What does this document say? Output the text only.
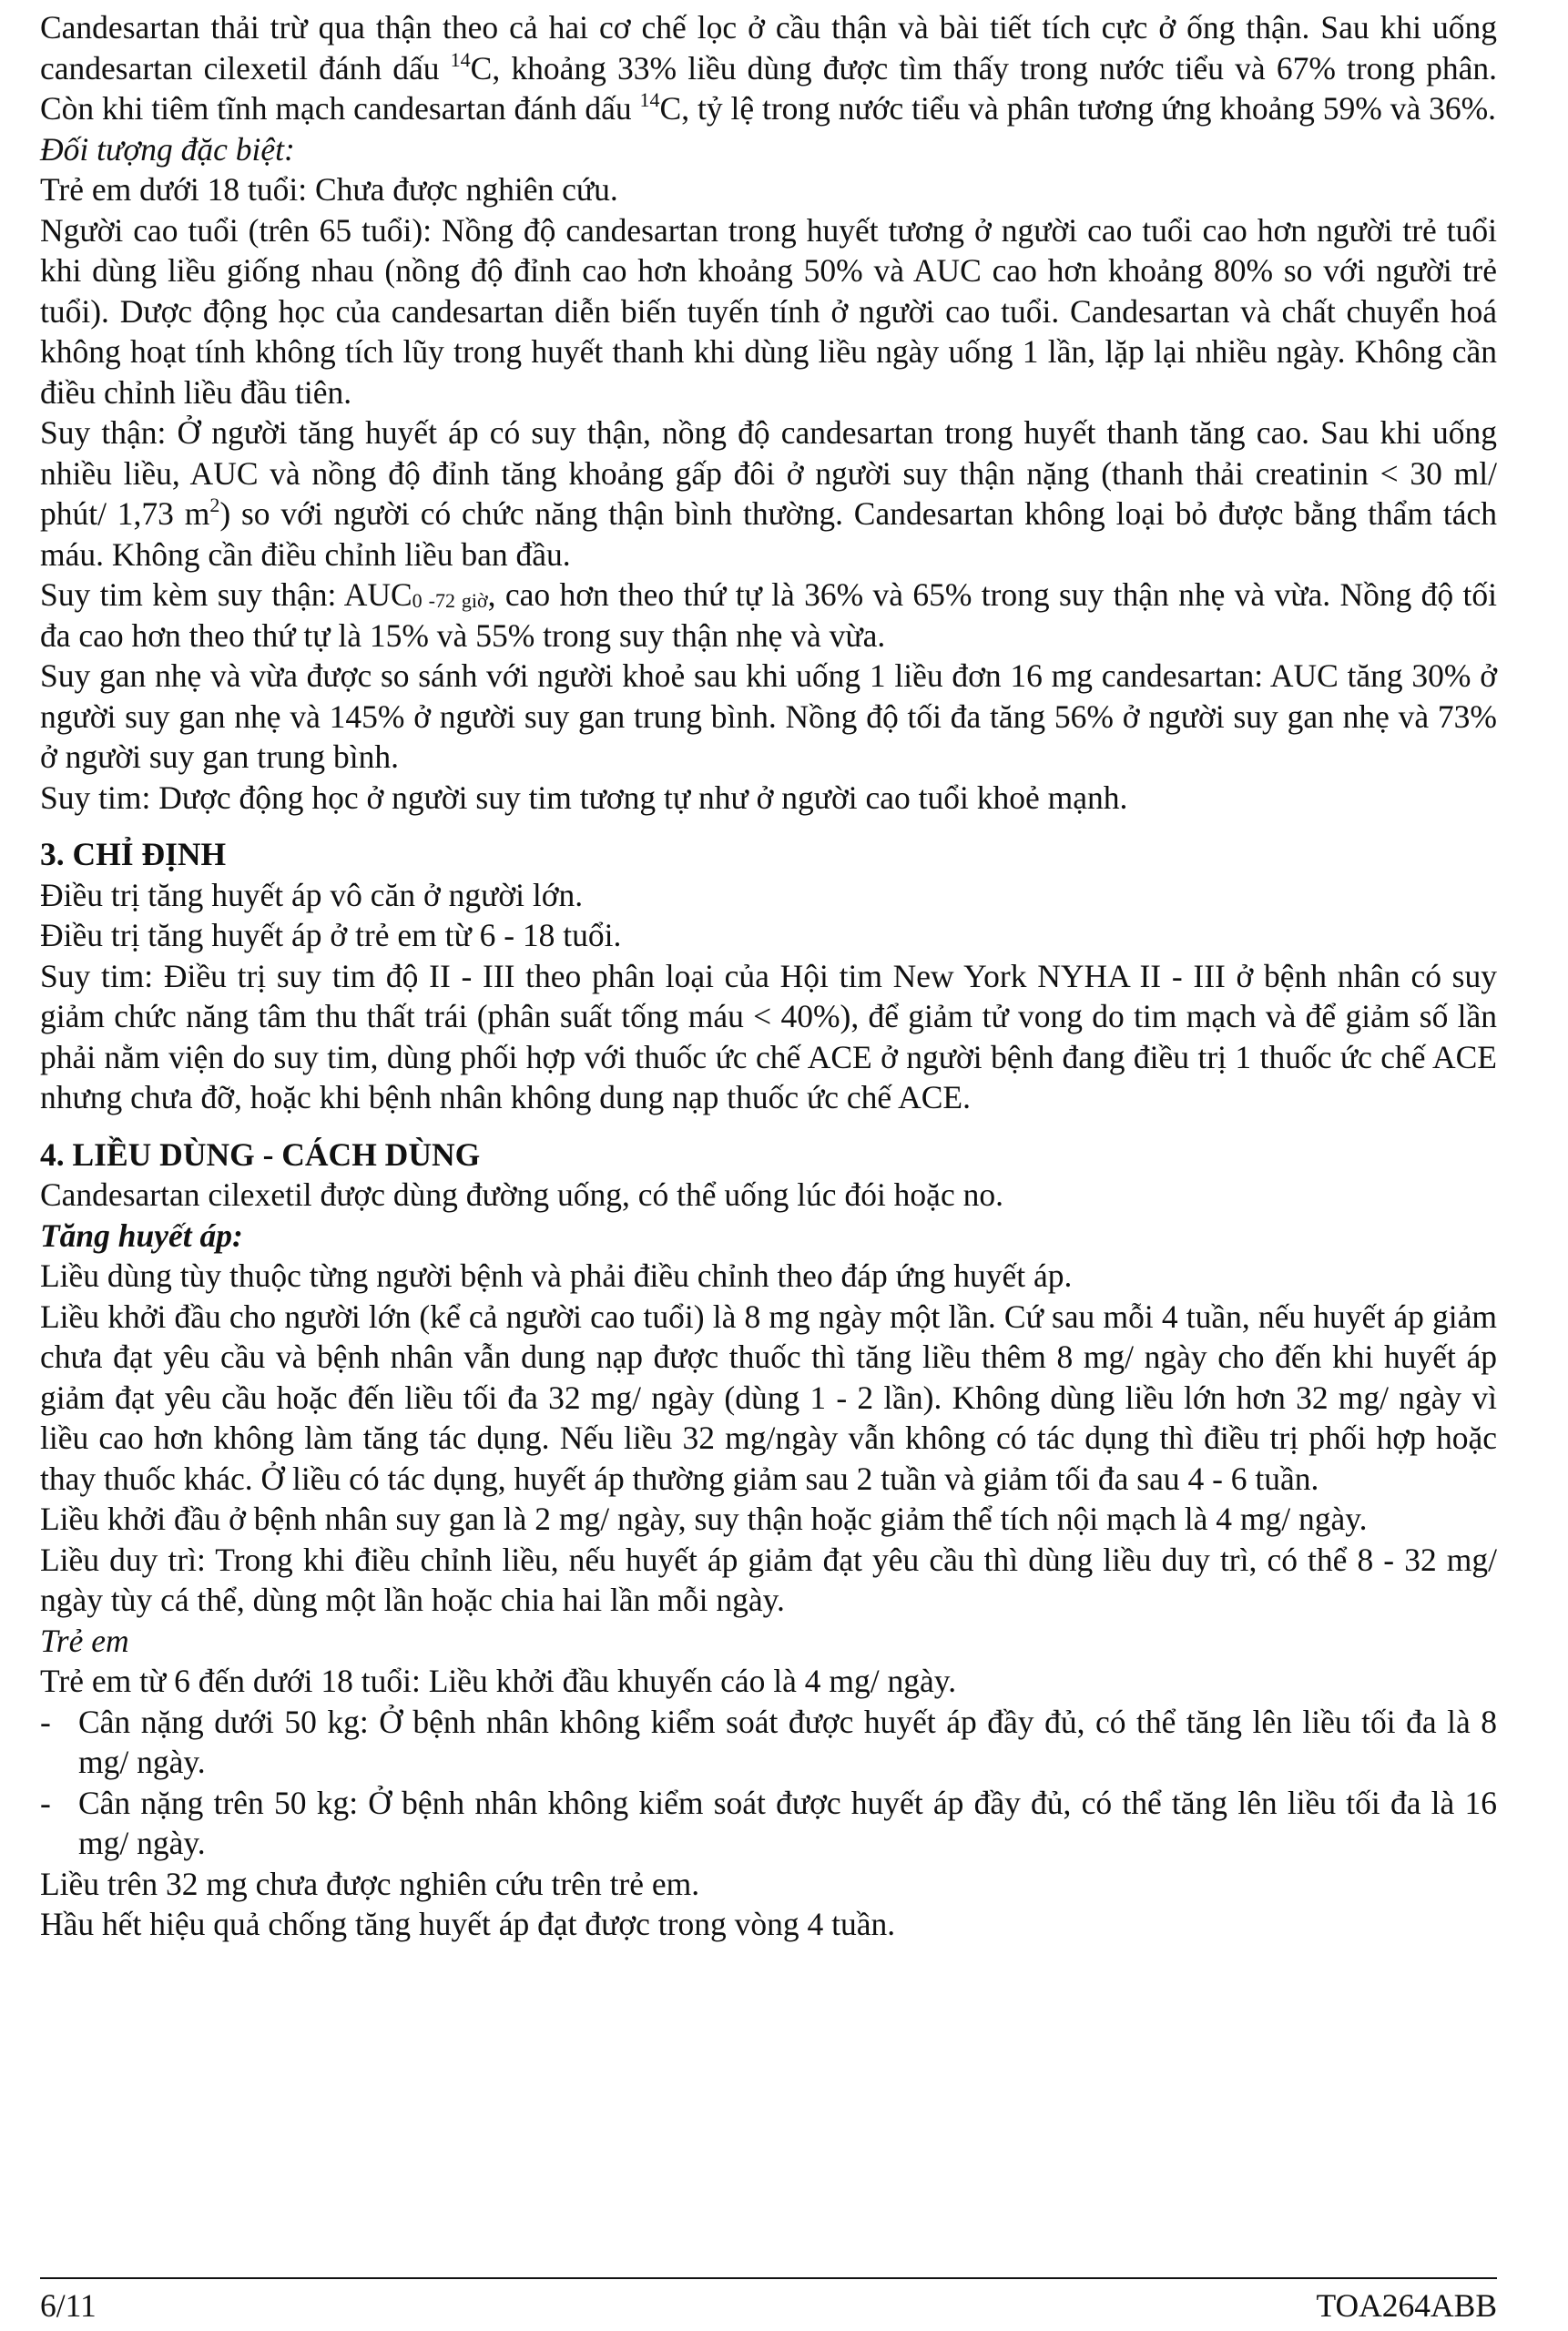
Candesartan thải trừ qua thận theo cả hai cơ chế lọc ở cầu thận và bài tiết tích cực ở ống thận. Sau khi uống candesartan cilexetil đánh dấu $^{14}$C, khoảng 33% liều dùng được tìm thấy trong nước tiểu và 67% trong phân. Còn khi tiêm tĩnh mạch candesartan đánh dấu $^{14}$C, tỷ lệ trong nước tiểu và phân tương ứng khoảng 59% và 36%.

Đối tượng đặc biệt:

Trẻ em dưới 18 tuổi: Chưa được nghiên cứu.

Người cao tuổi (trên 65 tuổi): Nồng độ candesartan trong huyết tương ở người cao tuổi cao hơn người trẻ tuổi khi dùng liều giống nhau (nồng độ đỉnh cao hơn khoảng 50% và AUC cao hơn khoảng 80% so với người trẻ tuổi). Dược động học của candesartan diễn biến tuyến tính ở người cao tuổi. Candesartan và chất chuyển hoá không hoạt tính không tích lũy trong huyết thanh khi dùng liều ngày uống 1 lần, lặp lại nhiều ngày. Không cần điều chỉnh liều đầu tiên.

Suy thận: Ở người tăng huyết áp có suy thận, nồng độ candesartan trong huyết thanh tăng cao. Sau khi uống nhiều liều, AUC và nồng độ đỉnh tăng khoảng gấp đôi ở người suy thận nặng (thanh thải creatinin < 30 ml/ phút/ 1,73 $m^2$) so với người có chức năng thận bình thường. Candesartan không loại bỏ được bằng thẩm tách máu. Không cần điều chỉnh liều ban đầu.

Suy tim kèm suy thận: $AUC_{0 -72 giờ}$, cao hơn theo thứ tự là 36% và 65% trong suy thận nhẹ và vừa. Nồng độ tối đa cao hơn theo thứ tự là 15% và 55% trong suy thận nhẹ và vừa.

Suy gan nhẹ và vừa được so sánh với người khoẻ sau khi uống 1 liều đơn 16 mg candesartan: AUC tăng 30% ở người suy gan nhẹ và 145% ở người suy gan trung bình. Nồng độ tối đa tăng 56% ở người suy gan nhẹ và 73% ở người suy gan trung bình.

Suy tim: Dược động học ở người suy tim tương tự như ở người cao tuổi khoẻ mạnh.

3. CHỈ ĐỊNH

Điều trị tăng huyết áp vô căn ở người lớn.

Điều trị tăng huyết áp ở trẻ em từ 6 - 18 tuổi.

Suy tim: Điều trị suy tim độ II - III theo phân loại của Hội tim New York NYHA II - III ở bệnh nhân có suy giảm chức năng tâm thu thất trái (phân suất tống máu < 40%), để giảm tử vong do tim mạch và để giảm số lần phải nằm viện do suy tim, dùng phối hợp với thuốc ức chế ACE ở người bệnh đang điều trị 1 thuốc ức chế ACE nhưng chưa đỡ, hoặc khi bệnh nhân không dung nạp thuốc ức chế ACE.

4. LIỀU DÙNG - CÁCH DÙNG

Candesartan cilexetil được dùng đường uống, có thể uống lúc đói hoặc no.

Tăng huyết áp:

Liều dùng tùy thuộc từng người bệnh và phải điều chỉnh theo đáp ứng huyết áp.

Liều khởi đầu cho người lớn (kể cả người cao tuổi) là 8 mg ngày một lần. Cứ sau mỗi 4 tuần, nếu huyết áp giảm chưa đạt yêu cầu và bệnh nhân vẫn dung nạp được thuốc thì tăng liều thêm 8 mg/ ngày cho đến khi huyết áp giảm đạt yêu cầu hoặc đến liều tối đa 32 mg/ ngày (dùng 1 - 2 lần). Không dùng liều lớn hơn 32 mg/ ngày vì liều cao hơn không làm tăng tác dụng. Nếu liều 32 mg/ngày vẫn không có tác dụng thì điều trị phối hợp hoặc thay thuốc khác. Ở liều có tác dụng, huyết áp thường giảm sau 2 tuần và giảm tối đa sau 4 - 6 tuần.

Liều khởi đầu ở bệnh nhân suy gan là 2 mg/ ngày, suy thận hoặc giảm thể tích nội mạch là 4 mg/ ngày.

Liều duy trì: Trong khi điều chỉnh liều, nếu huyết áp giảm đạt yêu cầu thì dùng liều duy trì, có thể 8 - 32 mg/ ngày tùy cá thể, dùng một lần hoặc chia hai lần mỗi ngày.

Trẻ em

Trẻ em từ 6 đến dưới 18 tuổi: Liều khởi đầu khuyến cáo là 4 mg/ ngày.

- Cân nặng dưới 50 kg: Ở bệnh nhân không kiểm soát được huyết áp đầy đủ, có thể tăng lên liều tối đa là 8 mg/ ngày.

- Cân nặng trên 50 kg: Ở bệnh nhân không kiểm soát được huyết áp đầy đủ, có thể tăng lên liều tối đa là 16 mg/ ngày.

Liều trên 32 mg chưa được nghiên cứu trên trẻ em.

Hầu hết hiệu quả chống tăng huyết áp đạt được trong vòng 4 tuần.

6/11	TOA264ABB
